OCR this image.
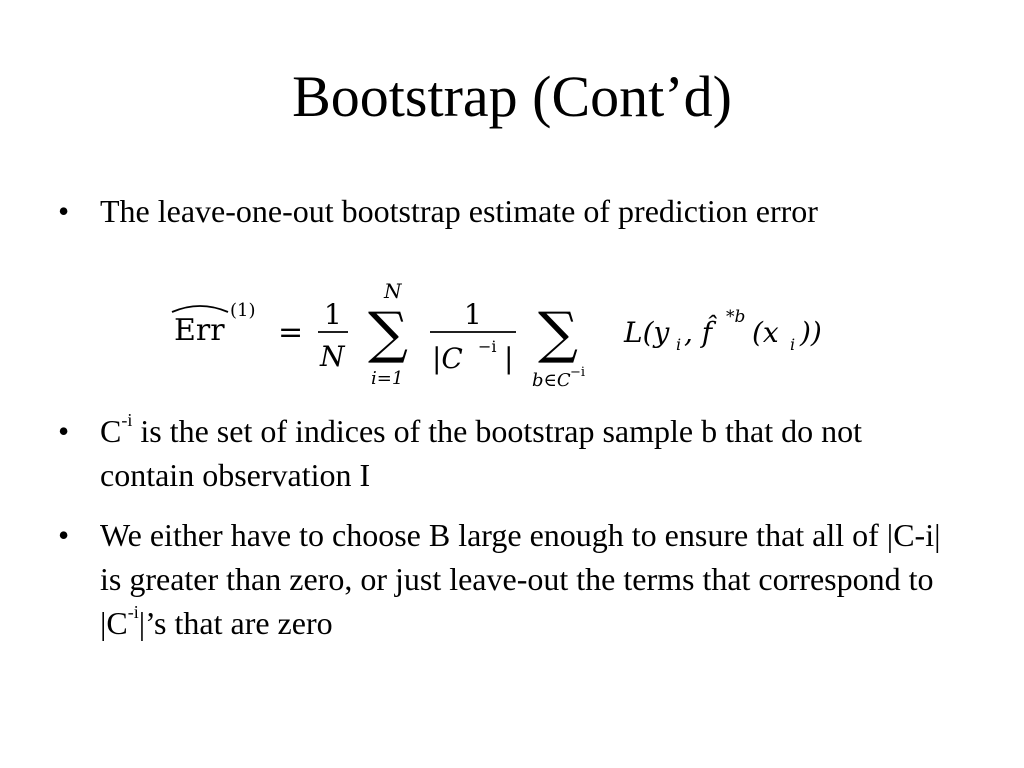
Bootstrap (Cont’d)
• The leave-one-out bootstrap estimate of prediction error
Err
(1)
=
1
N
N
∑
i=1
1
|C −i | ∑
b∈C −i
L(y i , f̂ *b (x i ))
• $C^{-i}$ is the set of indices of the bootstrap sample b that do not contain observation I
• We either have to choose B large enough to ensure that all of |C-i| is greater than zero, or just leave-out the terms that correspond to $|C^{-i}|’s$ that are zero
